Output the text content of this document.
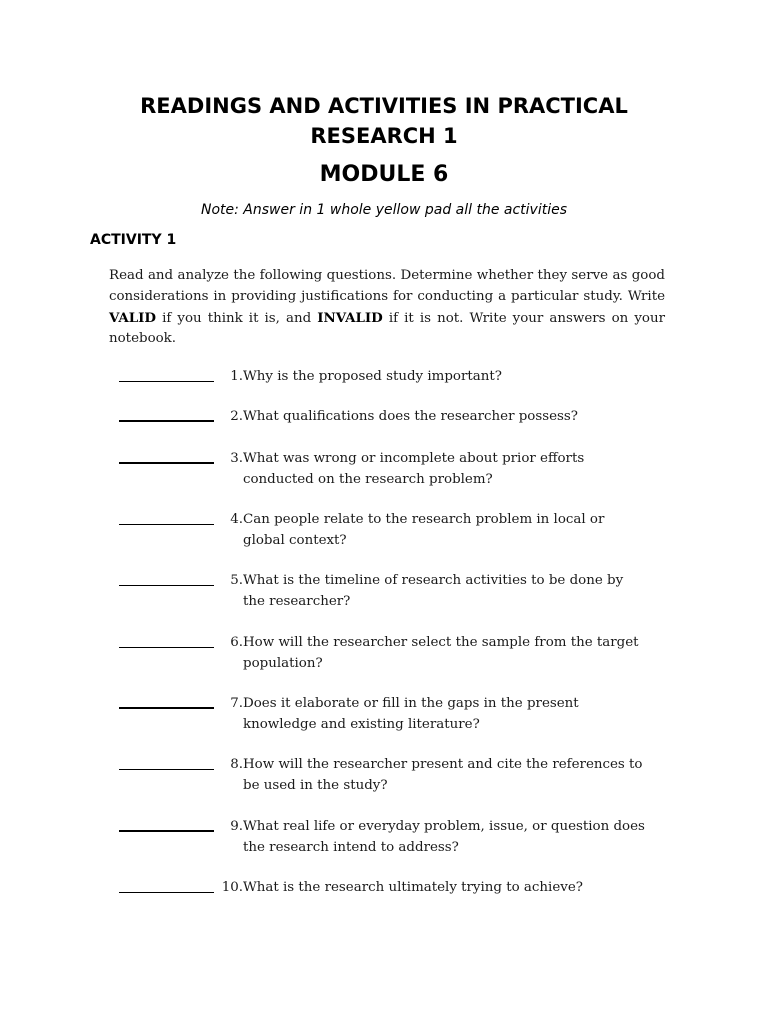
READINGS AND ACTIVITIES IN PRACTICAL
RESEARCH 1
MODULE 6
Note: Answer in 1 whole yellow pad all the activities
ACTIVITY 1
Read and analyze the following questions. Determine whether they serve as good considerations in providing justifications for conducting a particular study. Write VALID if you think it is, and INVALID if it is not. Write your answers on your notebook.
1. Why is the proposed study important?
2. What qualifications does the researcher possess?
3. What was wrong or incomplete about prior efforts
conducted on the research problem?
4. Can people relate to the research problem in local or
global context?
5. What is the timeline of research activities to be done by
the researcher?
6. How will the researcher select the sample from the target
population?
7. Does it elaborate or fill in the gaps in the present
knowledge and existing literature?
8. How will the researcher present and cite the references to
be used in the study?
9. What real life or everyday problem, issue, or question does
the research intend to address?
10. What is the research ultimately trying to achieve?
